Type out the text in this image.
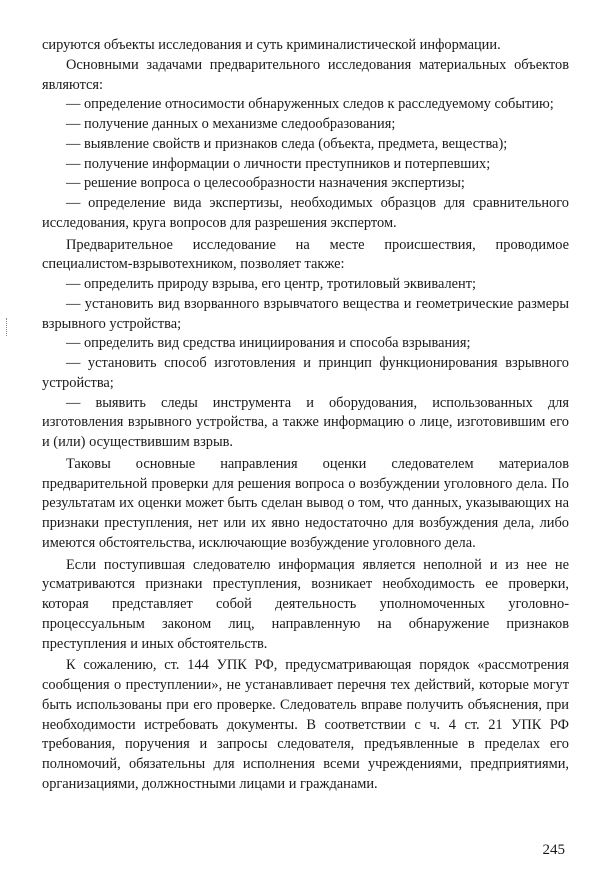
сируются объекты исследования и суть криминалистической информации.

Основными задачами предварительного исследования материальных объектов являются:

— определение относимости обнаруженных следов к расследуемому событию;

— получение данных о механизме следообразования;

— выявление свойств и признаков следа (объекта, предмета, вещества);

— получение информации о личности преступников и потерпевших;

— решение вопроса о целесообразности назначения экспертизы;

— определение вида экспертизы, необходимых образцов для сравнительного исследования, круга вопросов для разрешения экспертом.

Предварительное исследование на месте происшествия, проводимое специалистом-взрывотехником, позволяет также:

— определить природу взрыва, его центр, тротиловый эквивалент;

— установить вид взорванного взрывчатого вещества и геометрические размеры взрывного устройства;

— определить вид средства инициирования и способа взрывания;

— установить способ изготовления и принцип функционирования взрывного устройства;

— выявить следы инструмента и оборудования, использованных для изготовления взрывного устройства, а также информацию о лице, изготовившим его и (или) осуществившим взрыв.

Таковы основные направления оценки следователем материалов предварительной проверки для решения вопроса о возбуждении уголовного дела. По результатам их оценки может быть сделан вывод о том, что данных, указывающих на признаки преступления, нет или их явно недостаточно для возбуждения дела, либо имеются обстоятельства, исключающие возбуждение уголовного дела.

Если поступившая следователю информация является неполной и из нее не усматриваются признаки преступления, возникает необходимость ее проверки, которая представляет собой деятельность уполномоченных уголовно-процессуальным законом лиц, направленную на обнаружение признаков преступления и иных обстоятельств.

К сожалению, ст. 144 УПК РФ, предусматривающая порядок «рассмотрения сообщения о преступлении», не устанавливает перечня тех действий, которые могут быть использованы при его проверке. Следователь вправе получить объяснения, при необходимости истребовать документы. В соответствии с ч. 4 ст. 21 УПК РФ требования, поручения и запросы следователя, предъявленные в пределах его полномочий, обязательны для исполнения всеми учреждениями, предприятиями, организациями, должностными лицами и гражданами.

245
